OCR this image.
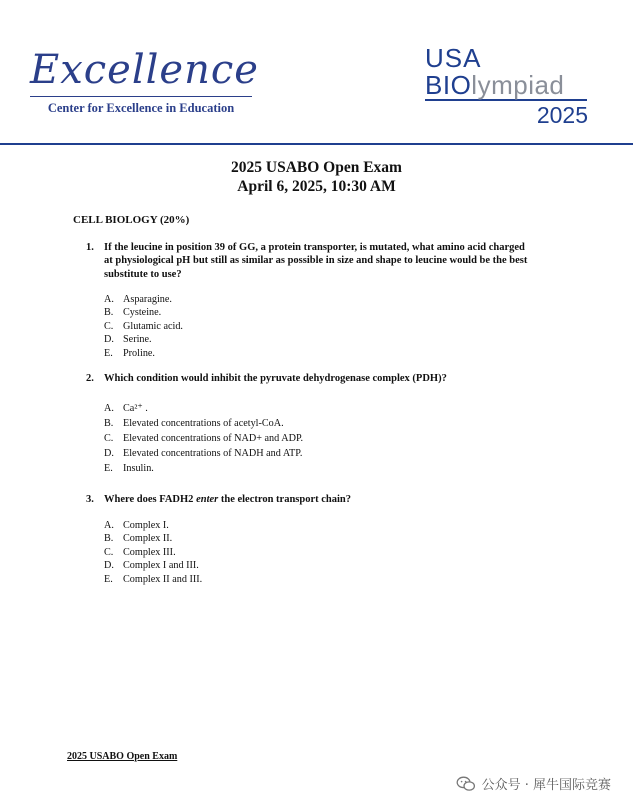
Excellence
Center for Excellence in Education
USA
BIOlympiad
2025
2025 USABO Open Exam
April 6, 2025, 10:30 AM
CELL BIOLOGY (20%)
1. If the leucine in position 39 of GG, a protein transporter, is mutated, what amino acid charged at physiological pH but still as similar as possible in size and shape to leucine would be the best substitute to use?
A. Asparagine.
B. Cysteine.
C. Glutamic acid.
D. Serine.
E. Proline.
2. Which condition would inhibit the pyruvate dehydrogenase complex (PDH)?
A. Ca²⁺ .
B. Elevated concentrations of acetyl-CoA.
C. Elevated concentrations of NAD+ and ADP.
D. Elevated concentrations of NADH and ATP.
E. Insulin.
3. Where does FADH2 enter the electron transport chain?
A. Complex I.
B. Complex II.
C. Complex III.
D. Complex I and III.
E. Complex II and III.
2025 USABO Open Exam
公众号 · 犀牛国际竞赛
